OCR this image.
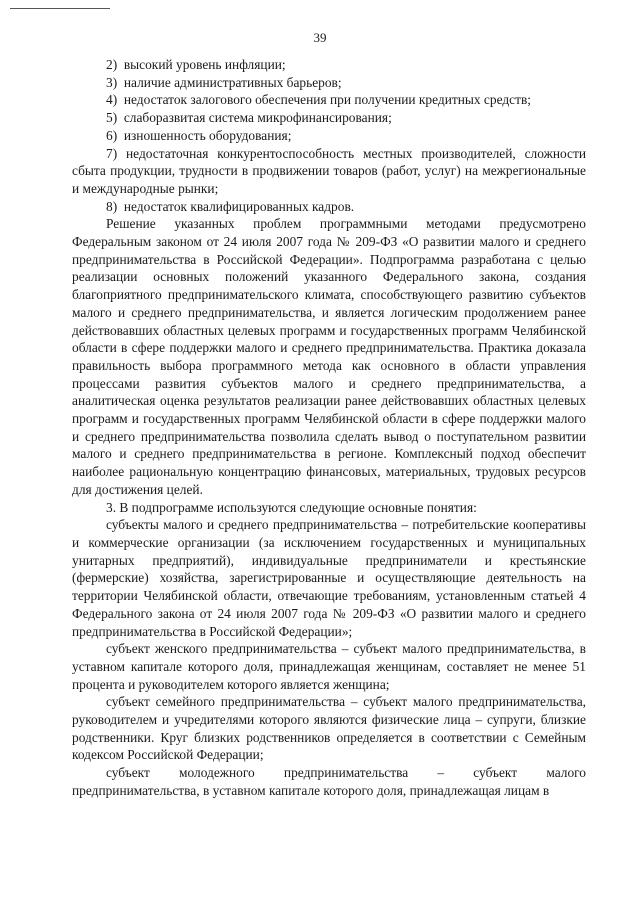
39

2)  высокий уровень инфляции;

3)  наличие административных барьеров;

4)  недостаток залогового обеспечения при получении кредитных средств;

5)  слаборазвитая система микрофинансирования;

6)  изношенность оборудования;

7) недостаточная конкурентоспособность местных производителей, сложности сбыта продукции, трудности в продвижении товаров (работ, услуг) на межрегиональные и международные рынки;

8)  недостаток квалифицированных кадров.

Решение указанных проблем программными методами предусмотрено Федеральным законом от 24 июля 2007 года № 209-ФЗ «О развитии малого и среднего предпринимательства в Российской Федерации». Подпрограмма разработана с целью реализации основных положений указанного Федерального закона, создания благоприятного предпринимательского климата, способствующего развитию субъектов малого и среднего предпринимательства, и является логическим продолжением ранее действовавших областных целевых программ и государственных программ Челябинской области в сфере поддержки малого и среднего предпринимательства. Практика доказала правильность выбора программного метода как основного в области управления процессами развития субъектов малого и среднего предпринимательства, а аналитическая оценка результатов реализации ранее действовавших областных целевых программ и государственных программ Челябинской области в сфере поддержки малого и среднего предпринимательства позволила сделать вывод о поступательном развитии малого и среднего предпринимательства в регионе. Комплексный подход обеспечит наиболее рациональную концентрацию финансовых, материальных, трудовых ресурсов для достижения целей.

3. В подпрограмме используются следующие основные понятия:

субъекты малого и среднего предпринимательства – потребительские кооперативы и коммерческие организации (за исключением государственных и муниципальных унитарных предприятий), индивидуальные предприниматели и крестьянские (фермерские) хозяйства, зарегистрированные и осуществляющие деятельность на территории Челябинской области, отвечающие требованиям, установленным статьей 4 Федерального закона от 24 июля 2007 года № 209-ФЗ «О развитии малого и среднего предпринимательства в Российской Федерации»;

субъект женского предпринимательства – субъект малого предпринимательства, в уставном капитале которого доля, принадлежащая женщинам, составляет не менее 51 процента и руководителем которого является женщина;

субъект семейного предпринимательства – субъект малого предпринимательства, руководителем и учредителями которого являются физические лица – супруги, близкие родственники. Круг близких родственников определяется в соответствии с Семейным кодексом Российской Федерации;

субъект молодежного предпринимательства – субъект малого предпринимательства, в уставном капитале которого доля, принадлежащая лицам в
